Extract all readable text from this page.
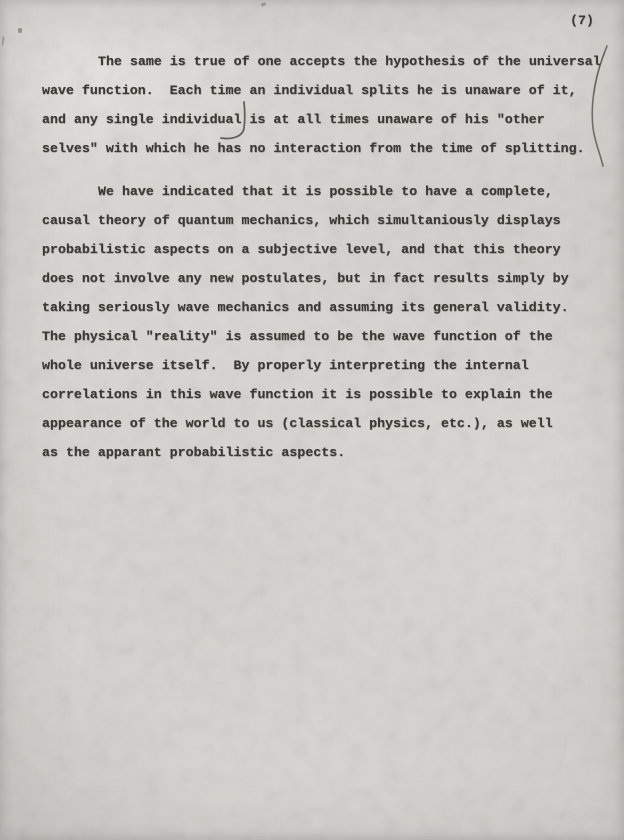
(7)
The same is true of one accepts the hypothesis of the universal
wave function.  Each time an individual splits he is unaware of it,
and any single individual is at all times unaware of his "other
selves" with which he has no interaction from the time of splitting.
We have indicated that it is possible to have a complete,
causal theory of quantum mechanics, which simultaniously displays
probabilistic aspects on a subjective level, and that this theory
does not involve any new postulates, but in fact results simply by
taking seriously wave mechanics and assuming its general validity.
The physical "reality" is assumed to be the wave function of the
whole universe itself.  By properly interpreting the internal
correlations in this wave function it is possible to explain the
appearance of the world to us (classical physics, etc.), as well
as the apparant probabilistic aspects.
